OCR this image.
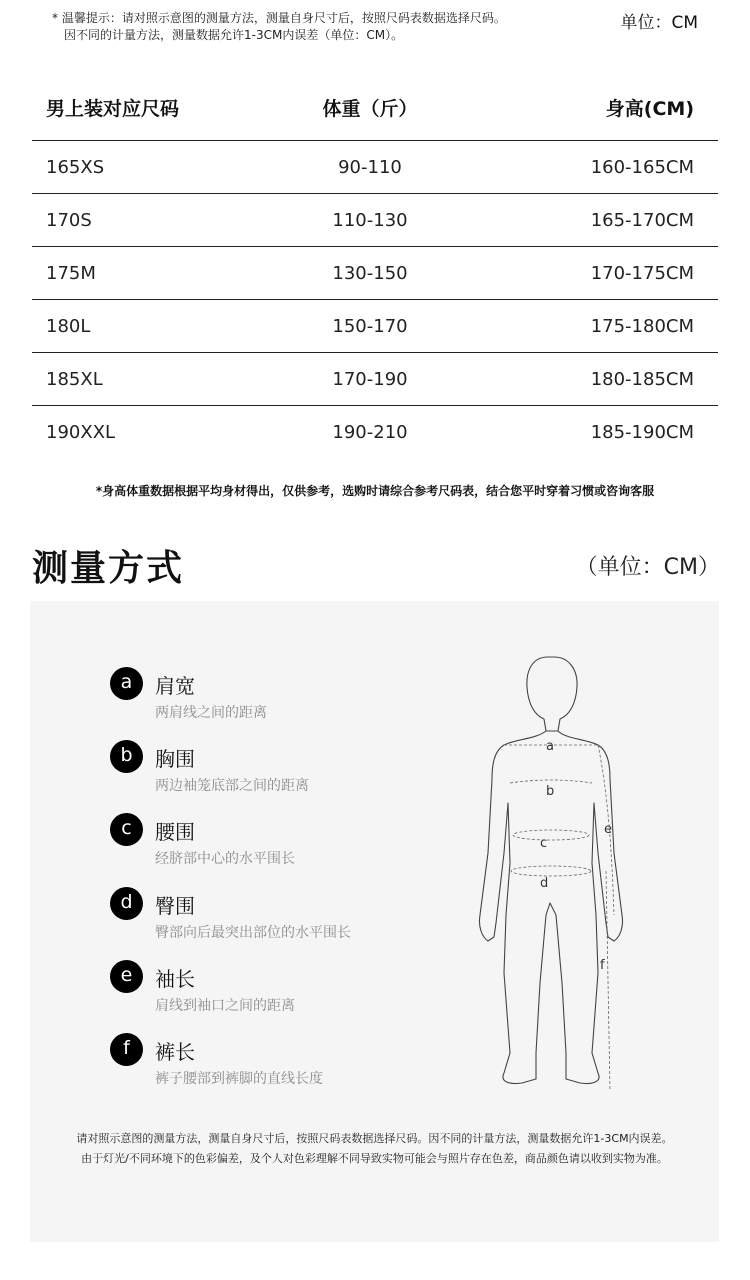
* 温馨提示：请对照示意图的测量方法，测量自身尺寸后，按照尺码表数据选择尺码。
因不同的计量方法，测量数据允许1-3CM内误差（单位：CM）。
单位：CM
男上装对应尺码	体重（斤）	身高(CM)
165XS	90-110	160-165CM
170S	110-130	165-170CM
175M	130-150	170-175CM
180L	150-170	175-180CM
185XL	170-190	180-185CM
190XXL	190-210	185-190CM
*身高体重数据根据平均身材得出，仅供参考，选购时请综合参考尺码表，结合您平时穿着习惯或咨询客服
测量方式	（单位：CM）
a	肩宽
两肩线之间的距离
b	胸围
两边袖笼底部之间的距离
c	腰围
经脐部中心的水平围长
d	臀围
臀部向后最突出部位的水平围长
e	袖长
肩线到袖口之间的距离
f	裤长
裤子腰部到裤脚的直线长度
a
b
c
d
e
f
请对照示意图的测量方法，测量自身尺寸后，按照尺码表数据选择尺码。因不同的计量方法，测量数据允许1-3CM内误差。
由于灯光/不同环境下的色彩偏差，及个人对色彩理解不同导致实物可能会与照片存在色差，商品颜色请以收到实物为准。
